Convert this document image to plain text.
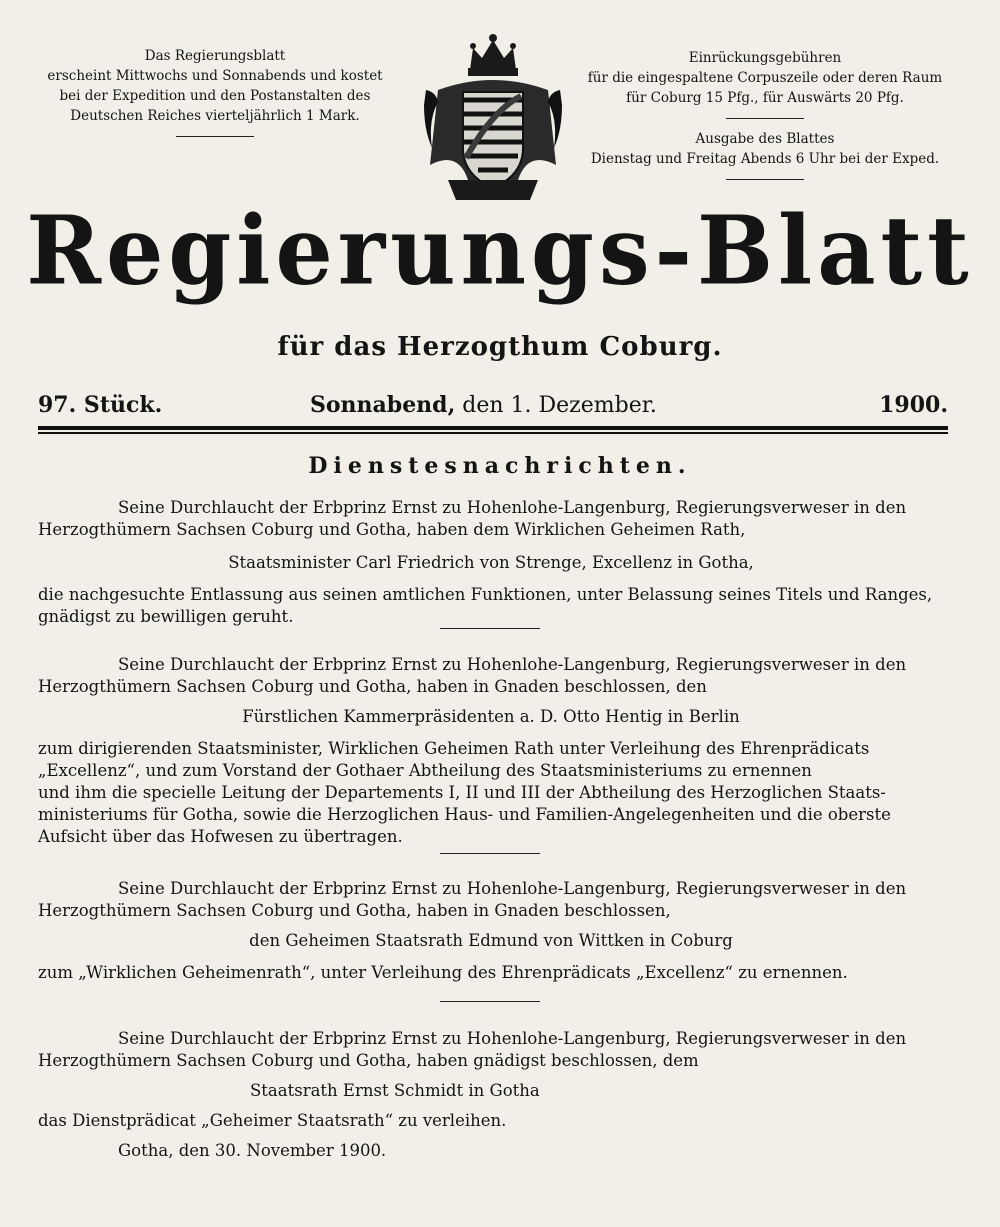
Das Regierungsblatt
erscheint Mittwochs und Sonnabends und kostet
bei der Expedition und den Postanstalten des
Deutschen Reiches vierteljährlich 1 Mark.
Einrückungsgebühren
für die eingespaltene Corpuszeile oder deren Raum
für Coburg 15 Pfg., für Auswärts 20 Pfg.
Ausgabe des Blattes
Dienstag und Freitag Abends 6 Uhr bei der Exped.
Regierungs-Blatt
für das Herzogthum Coburg.
97. Stück.	Sonnabend, den 1. Dezember.	1900.
Dienstesnachrichten.
Seine Durchlaucht der Erbprinz Ernst zu Hohenlohe-Langenburg, Regierungsverweser in den
Herzogthümern Sachsen Coburg und Gotha, haben dem Wirklichen Geheimen Rath,
Staatsminister Carl Friedrich von Strenge, Excellenz in Gotha,
die nachgesuchte Entlassung aus seinen amtlichen Funktionen, unter Belassung seines Titels und Ranges,
gnädigst zu bewilligen geruht.
Seine Durchlaucht der Erbprinz Ernst zu Hohenlohe-Langenburg, Regierungsverweser in den
Herzogthümern Sachsen Coburg und Gotha, haben in Gnaden beschlossen, den
Fürstlichen Kammerpräsidenten a. D. Otto Hentig in Berlin
zum dirigierenden Staatsminister, Wirklichen Geheimen Rath unter Verleihung des Ehrenprädicats
„Excellenz“, und zum Vorstand der Gothaer Abtheilung des Staatsministeriums zu ernennen
und ihm die specielle Leitung der Departements I, II und III der Abtheilung des Herzoglichen Staats-
ministeriums für Gotha, sowie die Herzoglichen Haus- und Familien-Angelegenheiten und die oberste
Aufsicht über das Hofwesen zu übertragen.
Seine Durchlaucht der Erbprinz Ernst zu Hohenlohe-Langenburg, Regierungsverweser in den
Herzogthümern Sachsen Coburg und Gotha, haben in Gnaden beschlossen,
den Geheimen Staatsrath Edmund von Wittken in Coburg
zum „Wirklichen Geheimenrath“, unter Verleihung des Ehrenprädicats „Excellenz“ zu ernennen.
Seine Durchlaucht der Erbprinz Ernst zu Hohenlohe-Langenburg, Regierungsverweser in den
Herzogthümern Sachsen Coburg und Gotha, haben gnädigst beschlossen, dem
Staatsrath Ernst Schmidt in Gotha
das Dienstprädicat „Geheimer Staatsrath“ zu verleihen.
Gotha, den 30. November 1900.
